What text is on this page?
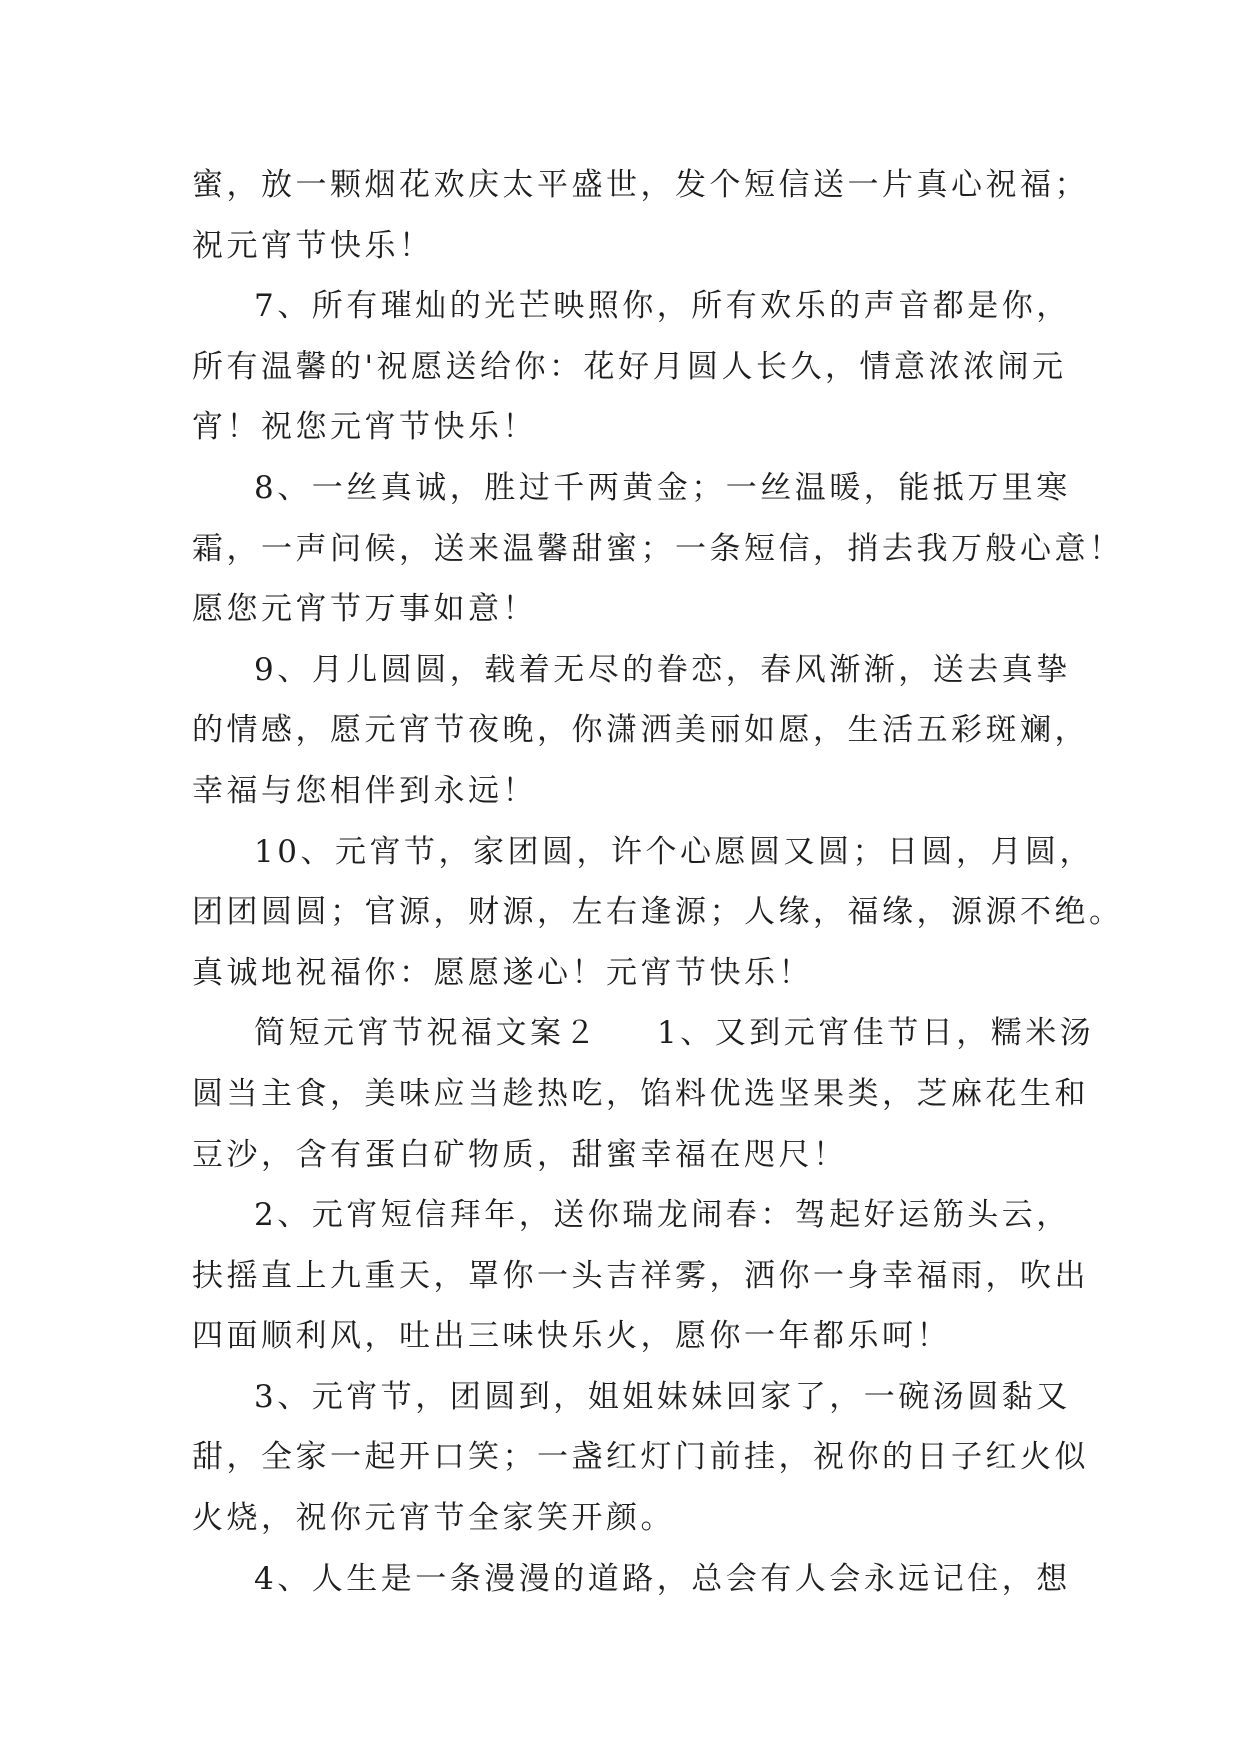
蜜，放一颗烟花欢庆太平盛世，发个短信送一片真心祝福；
祝元宵节快乐！
7、所有璀灿的光芒映照你，所有欢乐的声音都是你，
所有温馨的'祝愿送给你：花好月圆人长久，情意浓浓闹元
宵！祝您元宵节快乐！
8、一丝真诚，胜过千两黄金；一丝温暖，能抵万里寒
霜，一声问候，送来温馨甜蜜；一条短信，捎去我万般心意！
愿您元宵节万事如意！
9、月儿圆圆，载着无尽的眷恋，春风渐渐，送去真挚
的情感，愿元宵节夜晚，你潇洒美丽如愿，生活五彩斑斓，
幸福与您相伴到永远！
10、元宵节，家团圆，许个心愿圆又圆；日圆，月圆，
团团圆圆；官源，财源，左右逢源；人缘，福缘，源源不绝。
真诚地祝福你：愿愿遂心！元宵节快乐！
简短元宵节祝福文案２ 1、又到元宵佳节日，糯米汤
圆当主食，美味应当趁热吃，馅料优选坚果类，芝麻花生和
豆沙，含有蛋白矿物质，甜蜜幸福在咫尺！
2、元宵短信拜年，送你瑞龙闹春：驾起好运筋头云，
扶摇直上九重天，罩你一头吉祥雾，洒你一身幸福雨，吹出
四面顺利风，吐出三味快乐火，愿你一年都乐呵！
3、元宵节，团圆到，姐姐妹妹回家了，一碗汤圆黏又
甜，全家一起开口笑；一盏红灯门前挂，祝你的日子红火似
火烧，祝你元宵节全家笑开颜。
4、人生是一条漫漫的道路，总会有人会永远记住，想
